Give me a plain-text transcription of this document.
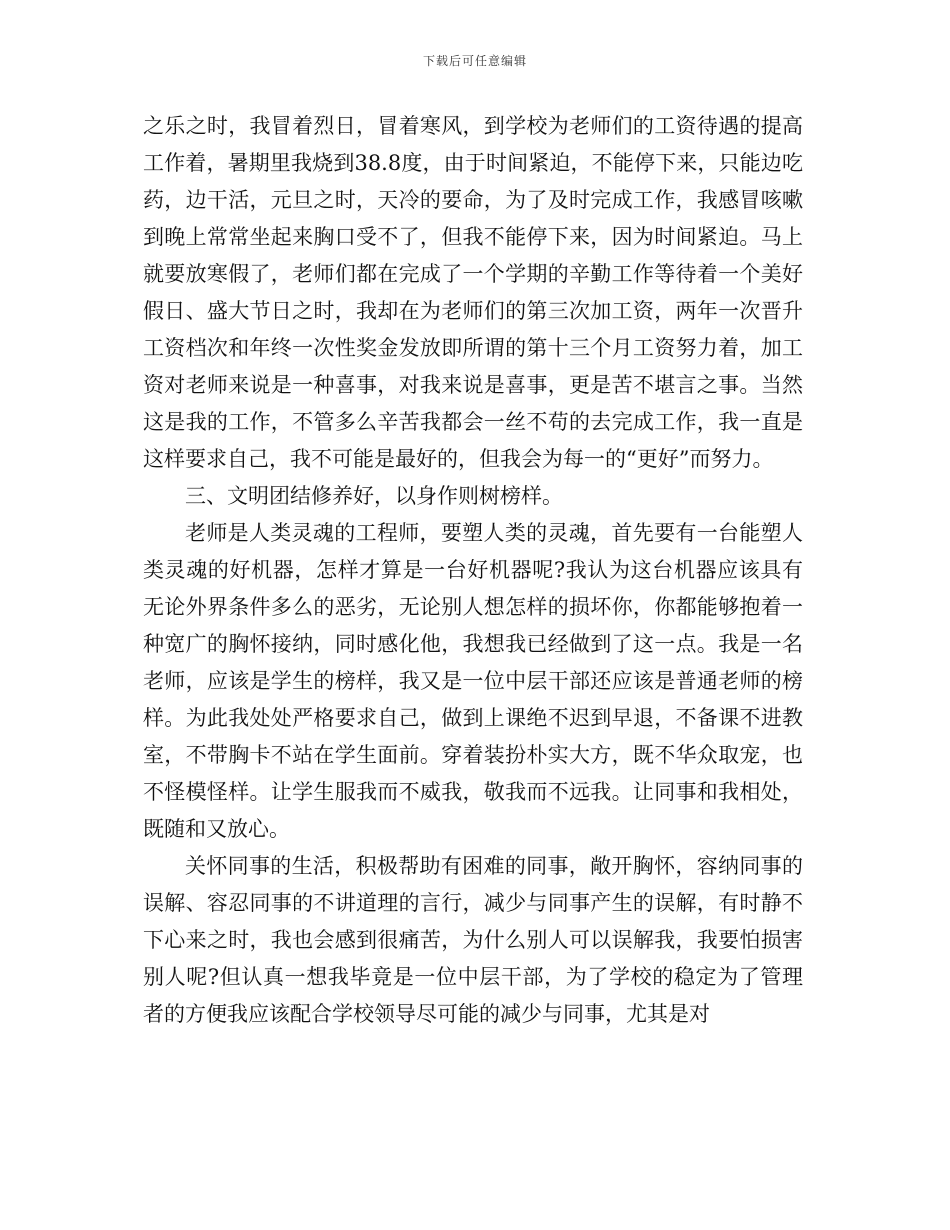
下载后可任意编辑

之乐之时，我冒着烈日，冒着寒风，到学校为老师们的工资待遇的提高工作着，暑期里我烧到38.8度，由于时间紧迫，不能停下来，只能边吃药，边干活，元旦之时，天冷的要命，为了及时完成工作，我感冒咳嗽到晚上常常坐起来胸口受不了，但我不能停下来，因为时间紧迫。马上就要放寒假了，老师们都在完成了一个学期的辛勤工作等待着一个美好假日、盛大节日之时，我却在为老师们的第三次加工资，两年一次晋升工资档次和年终一次性奖金发放即所谓的第十三个月工资努力着，加工资对老师来说是一种喜事，对我来说是喜事，更是苦不堪言之事。当然这是我的工作，不管多么辛苦我都会一丝不苟的去完成工作，我一直是这样要求自己，我不可能是最好的，但我会为每一的“更好”而努力。

三、文明团结修养好，以身作则树榜样。

老师是人类灵魂的工程师，要塑人类的灵魂，首先要有一台能塑人类灵魂的好机器，怎样才算是一台好机器呢?我认为这台机器应该具有无论外界条件多么的恶劣，无论别人想怎样的损坏你，你都能够抱着一种宽广的胸怀接纳，同时感化他，我想我已经做到了这一点。我是一名老师，应该是学生的榜样，我又是一位中层干部还应该是普通老师的榜样。为此我处处严格要求自己，做到上课绝不迟到早退，不备课不进教室，不带胸卡不站在学生面前。穿着装扮朴实大方，既不华众取宠，也不怪模怪样。让学生服我而不威我，敬我而不远我。让同事和我相处，既随和又放心。

关怀同事的生活，积极帮助有困难的同事，敞开胸怀，容纳同事的误解、容忍同事的不讲道理的言行，减少与同事产生的误解，有时静不下心来之时，我也会感到很痛苦，为什么别人可以误解我，我要怕损害别人呢?但认真一想我毕竟是一位中层干部，为了学校的稳定为了管理者的方便我应该配合学校领导尽可能的减少与同事，尤其是对
